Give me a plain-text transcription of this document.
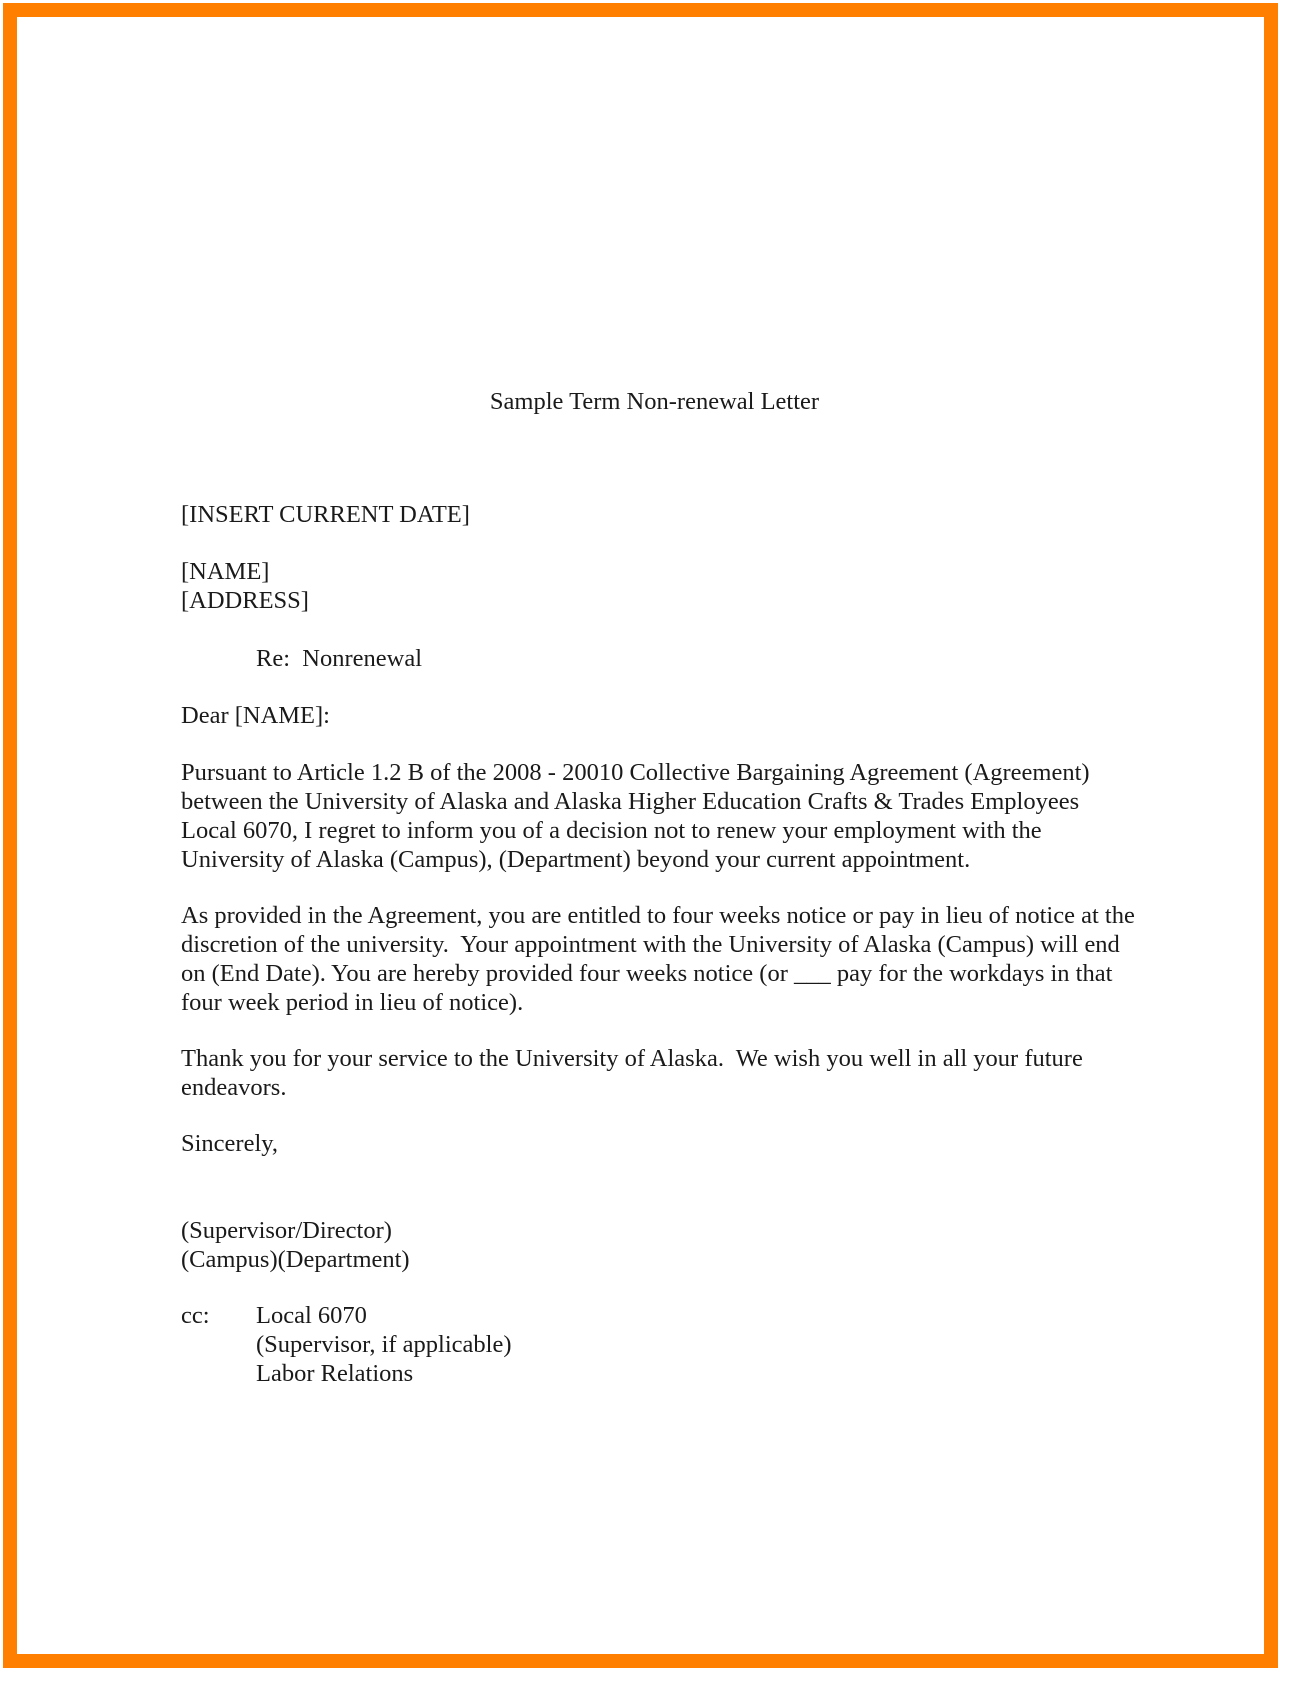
Sample Term Non-renewal Letter
[INSERT CURRENT DATE]
[NAME]
[ADDRESS]
Re:  Nonrenewal
Dear [NAME]:
Pursuant to Article 1.2 B of the 2008 - 20010 Collective Bargaining Agreement (Agreement)
between the University of Alaska and Alaska Higher Education Crafts & Trades Employees
Local 6070, I regret to inform you of a decision not to renew your employment with the
University of Alaska (Campus), (Department) beyond your current appointment.
As provided in the Agreement, you are entitled to four weeks notice or pay in lieu of notice at the
discretion of the university.  Your appointment with the University of Alaska (Campus) will end
on (End Date). You are hereby provided four weeks notice (or ___ pay for the workdays in that
four week period in lieu of notice).
Thank you for your service to the University of Alaska.  We wish you well in all your future
endeavors.
Sincerely,
(Supervisor/Director)
(Campus)(Department)
cc:	Local 6070
(Supervisor, if applicable)
Labor Relations
